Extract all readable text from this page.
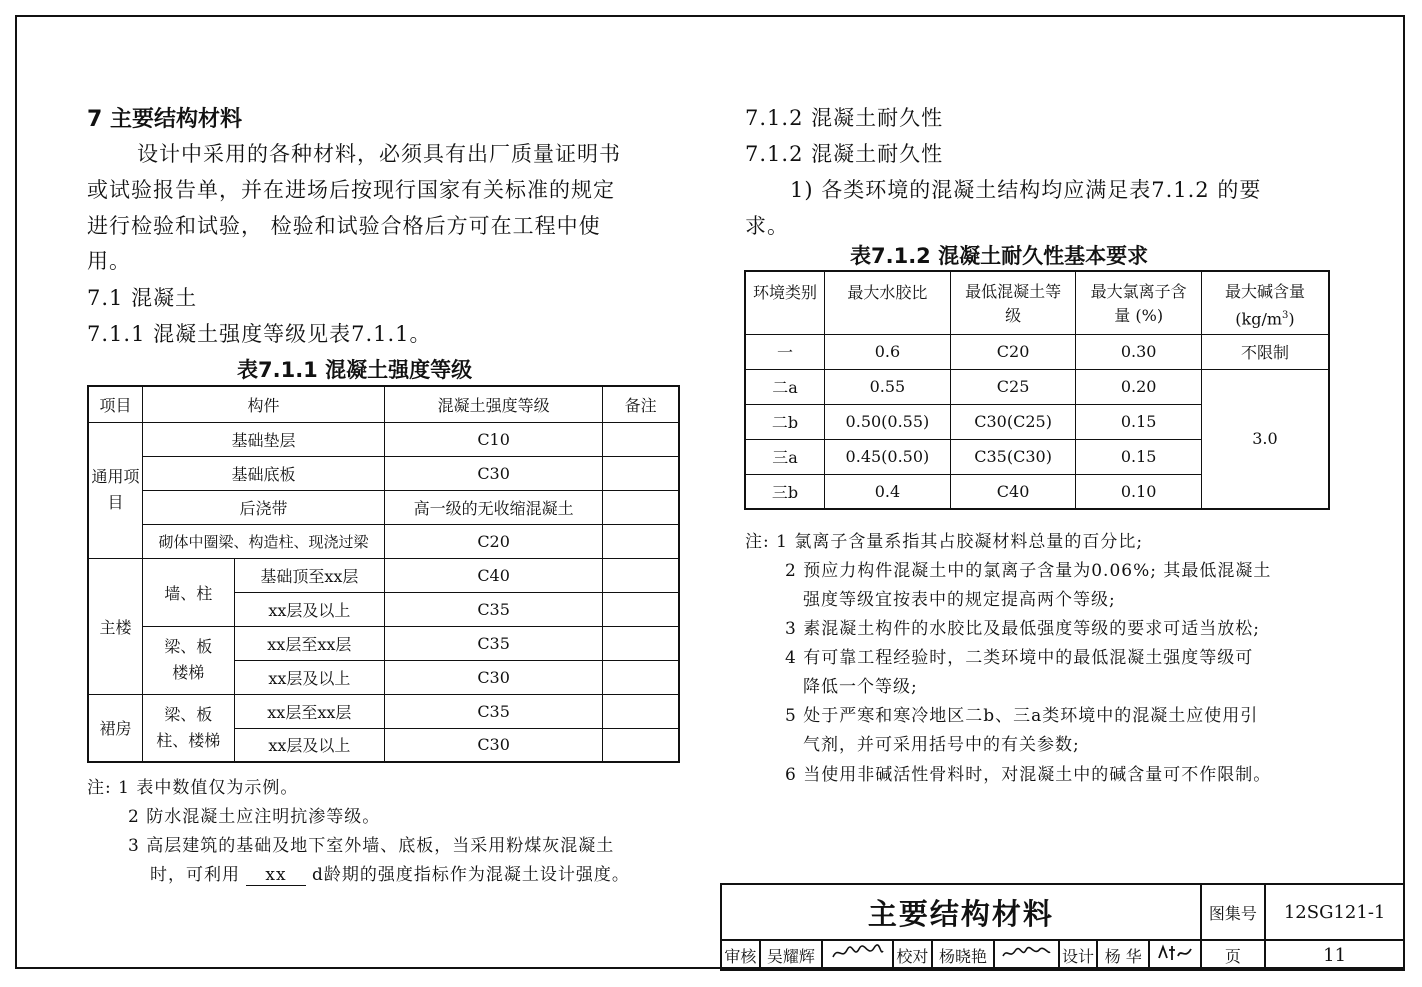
7 主要结构材料
设计中采用的各种材料，必须具有出厂质量证明书
或试验报告单，并在进场后按现行国家有关标准的规定
进行检验和试验， 检验和试验合格后方可在工程中使
用。
7.1 混凝土
7.1.1 混凝土强度等级见表7.1.1。
表7.1.1 混凝土强度等级
项目	构件		混凝土强度等级	备注
通用项目	基础垫层		C10	
	基础底板		C30	
	后浇带		高一级的无收缩混凝土	
	砌体中圈梁、构造柱、现浇过梁		C20	
主楼	墙、柱	基础顶至xx层	C40	
		xx层及以上	C35	
	梁、板楼梯	xx层至xx层	C35	
		xx层及以上	C30	
裙房	梁、板柱、楼梯	xx层至xx层	C35	
		xx层及以上	C30	
注: 1 表中数值仅为示例。
2 防水混凝土应注明抗渗等级。
3 高层建筑的基础及地下室外墙、底板，当采用粉煤灰混凝土
时，可利用 xx d龄期的强度指标作为混凝土设计强度。
7.1.2 混凝土耐久性
7.1.2 混凝土耐久性
1) 各类环境的混凝土结构均应满足表7.1.2 的要
求。
表7.1.2 混凝土耐久性基本要求
环境类别	最大水胶比	最低混凝土等级	最大氯离子含量 (%)	最大碱含量
$(kg/m^3)$

一	0.6	C20	0.30	不限制
二a	0.55	C25	0.20	3.0
二b	0.50(0.55)	C30(C25)	0.15	
三a	0.45(0.50)	C35(C30)	0.15	
三b	0.4	C40	0.10	
注: 1 氯离子含量系指其占胶凝材料总量的百分比;
2 预应力构件混凝土中的氯离子含量为0.06%; 其最低混凝土
强度等级宜按表中的规定提高两个等级;
3 素混凝土构件的水胶比及最低强度等级的要求可适当放松;
4 有可靠工程经验时，二类环境中的最低混凝土强度等级可
降低一个等级;
5 处于严寒和寒冷地区二b、三a类环境中的混凝土应使用引
气剂，并可采用括号中的有关参数;
6 当使用非碱活性骨料时，对混凝土中的碱含量可不作限制。
主要结构材料									图集号	12SG121-1
审核	吴耀辉		校对	杨晓艳		设计	杨 华		页	11
